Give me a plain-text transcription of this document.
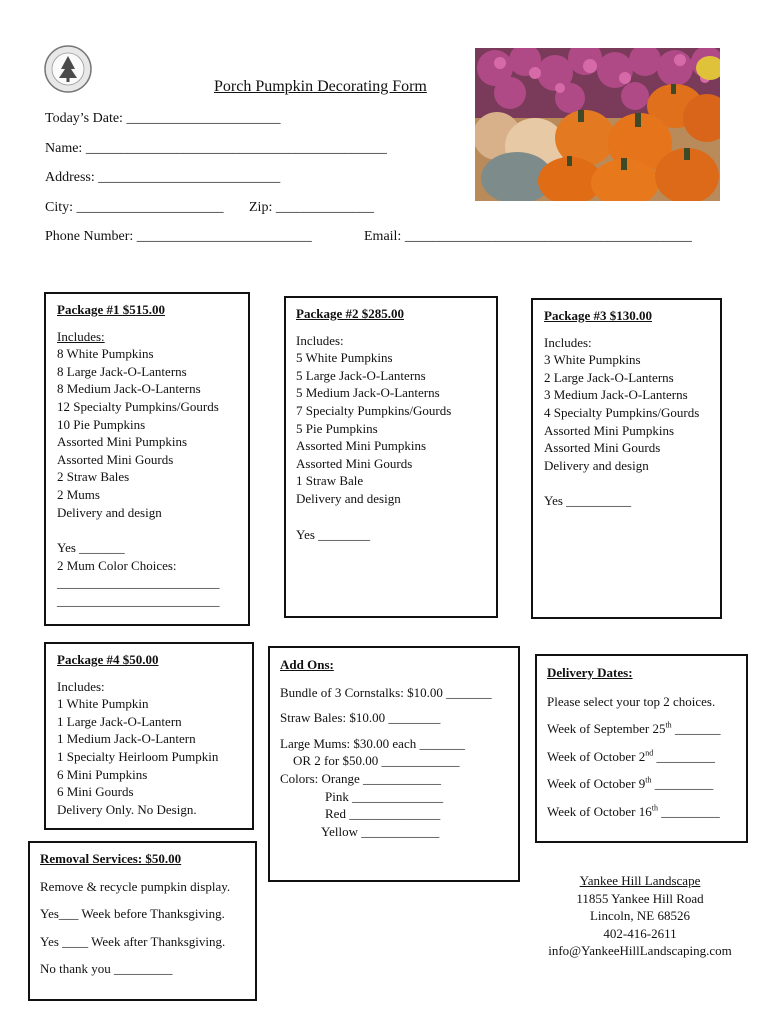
Porch Pumpkin Decorating Form
Today’s Date: ______________________
Name: ___________________________________________
Address: __________________________
City: _____________________ Zip: ______________
Phone Number: _________________________	Email: _________________________________________
Package #1 $515.00
Includes:
8 White Pumpkins
8 Large Jack-O-Lanterns
8 Medium Jack-O-Lanterns
12 Specialty Pumpkins/Gourds
10 Pie Pumpkins
Assorted Mini Pumpkins
Assorted Mini Gourds
2 Straw Bales
2 Mums
Delivery and design
Yes _______
2 Mum Color Choices:
_________________________
_________________________
Package #2 $285.00
Includes:
5 White Pumpkins
5 Large Jack-O-Lanterns
5 Medium Jack-O-Lanterns
7 Specialty Pumpkins/Gourds
5 Pie Pumpkins
Assorted Mini Pumpkins
Assorted Mini Gourds
1 Straw Bale
Delivery and design
Yes ________
Package #3 $130.00
Includes:
3 White Pumpkins
2 Large Jack-O-Lanterns
3 Medium Jack-O-Lanterns
4 Specialty Pumpkins/Gourds
Assorted Mini Pumpkins
Assorted Mini Gourds
Delivery and design
Yes __________
Package #4 $50.00
Includes:
1 White Pumpkin
1 Large Jack-O-Lantern
1 Medium Jack-O-Lantern
1 Specialty Heirloom Pumpkin
6 Mini Pumpkins
6 Mini Gourds
Delivery Only. No Design.
Add Ons:
Bundle of 3 Cornstalks: $10.00 _______
Straw Bales: $10.00 ________
Large Mums: $30.00 each _______
OR 2 for $50.00 ____________
Colors: Orange ____________
Pink ______________
Red ______________
Yellow ____________
Delivery Dates:
Please select your top 2 choices.
Week of September 25th _______
Week of October 2nd _________
Week of October 9th _________
Week of October 16th _________
Removal Services: $50.00
Remove & recycle pumpkin display.
Yes___ Week before Thanksgiving.
Yes ____ Week after Thanksgiving.
No thank you _________
Yankee Hill Landscape
11855 Yankee Hill Road
Lincoln, NE 68526
402-416-2611
info@YankeeHillLandscaping.com
